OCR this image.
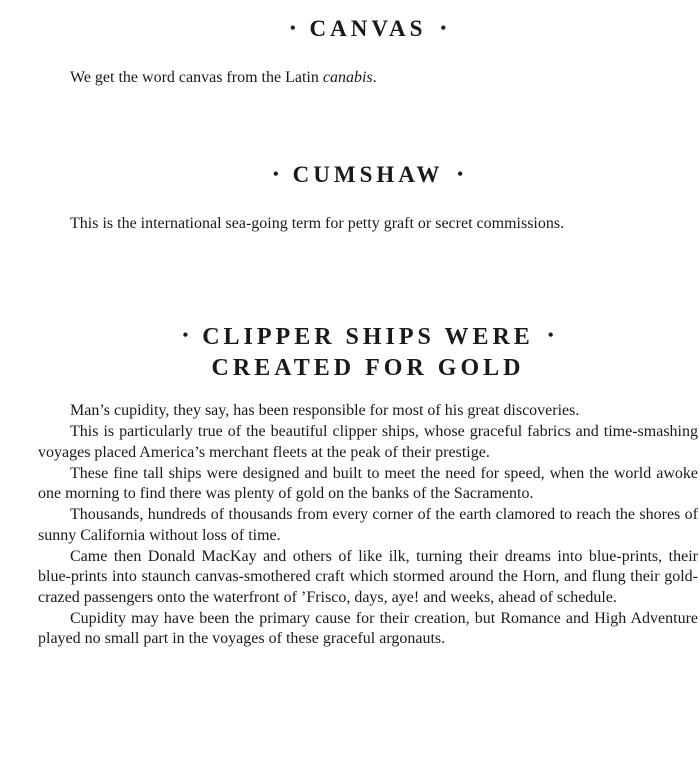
• CANVAS •

We get the word canvas from the Latin canabis.

• CUMSHAW •

This is the international sea-going term for petty graft or secret commissions.

• CLIPPER SHIPS WERE •
CREATED FOR GOLD

Man’s cupidity, they say, has been responsible for most of his great discoveries.

This is particularly true of the beautiful clipper ships, whose graceful fabrics and time-smashing voyages placed America’s merchant fleets at the peak of their prestige.

These fine tall ships were designed and built to meet the need for speed, when the world awoke one morning to find there was plenty of gold on the banks of the Sacramento.

Thousands, hundreds of thousands from every corner of the earth clamored to reach the shores of sunny California without loss of time.

Came then Donald MacKay and others of like ilk, turning their dreams into blue-prints, their blue-prints into staunch canvas-smothered craft which stormed around the Horn, and flung their gold-crazed passengers onto the waterfront of ’Frisco, days, aye! and weeks, ahead of schedule.

Cupidity may have been the primary cause for their creation, but Romance and High Adventure played no small part in the voyages of these graceful argonauts.
